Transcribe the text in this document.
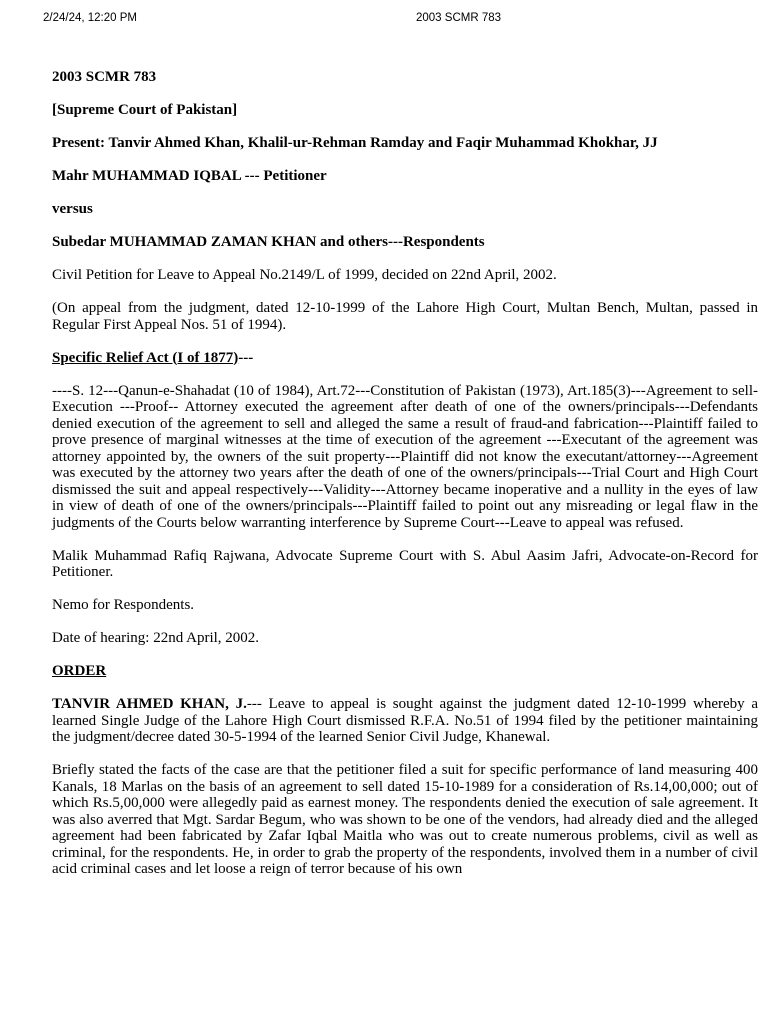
2/24/24, 12:20 PM	2003 SCMR 783

2003 SCMR 783

[Supreme Court of Pakistan]

Present: Tanvir Ahmed Khan, Khalil-ur-Rehman Ramday and Faqir Muhammad Khokhar, JJ

Mahr MUHAMMAD IQBAL --- Petitioner

versus

Subedar MUHAMMAD ZAMAN KHAN and others---Respondents

Civil Petition for Leave to Appeal No.2149/L of 1999, decided on 22nd April, 2002.

(On appeal from the judgment, dated 12-10-1999 of the Lahore High Court, Multan Bench, Multan, passed in Regular First Appeal Nos. 51 of 1994).

Specific Relief Act (I of 1877)---

----S. 12---Qanun-e-Shahadat (10 of 1984), Art.72---Constitution of Pakistan (1973), Art.185(3)---Agreement to sell-Execution ---Proof-- Attorney executed the agreement after death of one of the owners/principals---Defendants denied execution of the agreement to sell and alleged the same a result of fraud-and fabrication---Plaintiff failed to prove presence of marginal witnesses at the time of execution of the agreement ---Executant of the agreement was attorney appointed by, the owners of the suit property---Plaintiff did not know the executant/attorney---Agreement was executed by the attorney two years after the death of one of the owners/principals---Trial Court and High Court dismissed the suit and appeal respectively---Validity---Attorney became inoperative and a nullity in the eyes of law in view of death of one of the owners/principals---Plaintiff failed to point out any misreading or legal flaw in the judgments of the Courts below warranting interference by Supreme Court---Leave to appeal was refused.

Malik Muhammad Rafiq Rajwana, Advocate Supreme Court with S. Abul Aasim Jafri, Advocate-on-Record for Petitioner.

Nemo for Respondents.

Date of hearing: 22nd April, 2002.

ORDER

TANVIR AHMED KHAN, J.--- Leave to appeal is sought against the judgment dated 12-10-1999 whereby a learned Single Judge of the Lahore High Court dismissed R.F.A. No.51 of 1994 filed by the petitioner maintaining the judgment/decree dated 30-5-1994 of the learned Senior Civil Judge, Khanewal.

Briefly stated the facts of the case are that the petitioner filed a suit for specific performance of land measuring 400 Kanals, 18 Marlas on the basis of an agreement to sell dated 15-10-1989 for a consideration of Rs.14,00,000; out of which Rs.5,00,000 were allegedly paid as earnest money. The respondents denied the execution of sale agreement. It was also averred that Mgt. Sardar Begum, who was shown to be one of the vendors, had already died and the alleged agreement had been fabricated by Zafar Iqbal Maitla who was out to create numerous problems, civil as well as criminal, for the respondents. He, in order to grab the property of the respondents, involved them in a number of civil acid criminal cases and let loose a reign of terror because of his own
